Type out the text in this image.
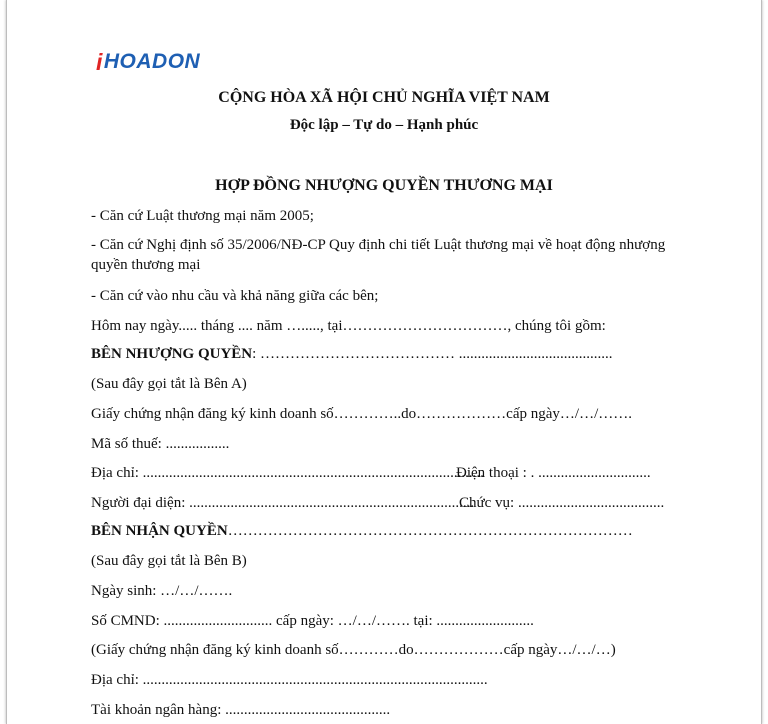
i HOADON
CỘNG HÒA XÃ HỘI CHỦ NGHĨA VIỆT NAM
Độc lập – Tự do – Hạnh phúc
HỢP ĐỒNG NHƯỢNG QUYỀN THƯƠNG MẠI
- Căn cứ Luật thương mại năm 2005;
- Căn cứ Nghị định số 35/2006/NĐ-CP Quy định chi tiết Luật thương mại về hoạt động nhượng
quyền thương mại
- Căn cứ vào nhu cầu và khả năng giữa các bên;
Hôm nay ngày..... tháng .... năm …....., tại……………………………, chúng tôi gồm:
BÊN NHƯỢNG QUYỀN: ………………………………… .........................................
(Sau đây gọi tắt là Bên A)
Giấy chứng nhận đăng ký kinh doanh số…………..do………………cấp ngày…/…/…….
Mã số thuế: .................
Địa chỉ: ...........................................................................................
Điện thoại : . ..............................
Người đại diện: ............................................................................
Chức vụ: .......................................
BÊN NHẬN QUYỀN………………………………………………………………………
(Sau đây gọi tắt là Bên B)
Ngày sinh: …/…/…….
Số CMND: ............................. cấp ngày: …/…/……. tại: ..........................
(Giấy chứng nhận đăng ký kinh doanh số…………do………………cấp ngày…/…/…)
Địa chỉ: ............................................................................................
Tài khoản ngân hàng: ............................................
